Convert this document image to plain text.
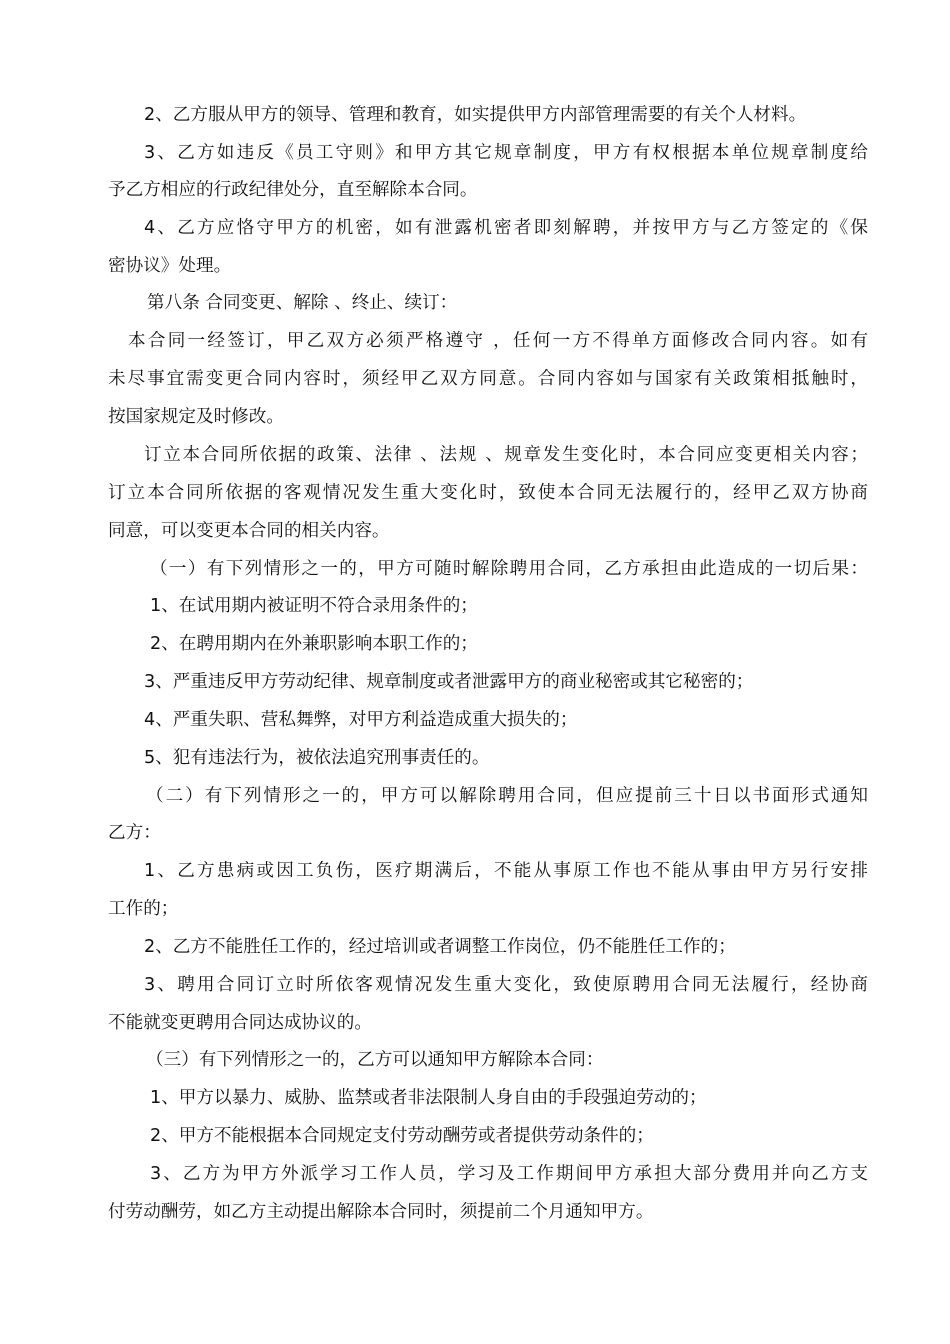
2、乙方服从甲方的领导、管理和教育，如实提供甲方内部管理需要的有关个人材料。
3、乙方如违反《员工守则》和甲方其它规章制度，甲方有权根据本单位规章制度给
予乙方相应的行政纪律处分，直至解除本合同。
4、乙方应恪守甲方的机密，如有泄露机密者即刻解聘，并按甲方与乙方签定的《保
密协议》处理。
第八条 合同变更、解除 、终止、续订：
本合同一经签订，甲乙双方必须严格遵守 ，任何一方不得单方面修改合同内容。如有
未尽事宜需变更合同内容时，须经甲乙双方同意。合同内容如与国家有关政策相抵触时，
按国家规定及时修改。
订立本合同所依据的政策、法律 、法规 、规章发生变化时，本合同应变更相关内容；
订立本合同所依据的客观情况发生重大变化时，致使本合同无法履行的，经甲乙双方协商
同意，可以变更本合同的相关内容。
（一）有下列情形之一的，甲方可随时解除聘用合同，乙方承担由此造成的一切后果：
1、在试用期内被证明不符合录用条件的；
2、在聘用期内在外兼职影响本职工作的；
3、严重违反甲方劳动纪律、规章制度或者泄露甲方的商业秘密或其它秘密的；
4、严重失职、营私舞弊，对甲方利益造成重大损失的；
5、犯有违法行为，被依法追究刑事责任的。
（二）有下列情形之一的，甲方可以解除聘用合同，但应提前三十日以书面形式通知
乙方：
1、乙方患病或因工负伤，医疗期满后，不能从事原工作也不能从事由甲方另行安排
工作的；
2、乙方不能胜任工作的，经过培训或者调整工作岗位，仍不能胜任工作的；
3、聘用合同订立时所依客观情况发生重大变化，致使原聘用合同无法履行，经协商
不能就变更聘用合同达成协议的。
（三）有下列情形之一的，乙方可以通知甲方解除本合同：
1、甲方以暴力、威胁、监禁或者非法限制人身自由的手段强迫劳动的；
2、甲方不能根据本合同规定支付劳动酬劳或者提供劳动条件的；
3、乙方为甲方外派学习工作人员，学习及工作期间甲方承担大部分费用并向乙方支
付劳动酬劳，如乙方主动提出解除本合同时，须提前二个月通知甲方。
